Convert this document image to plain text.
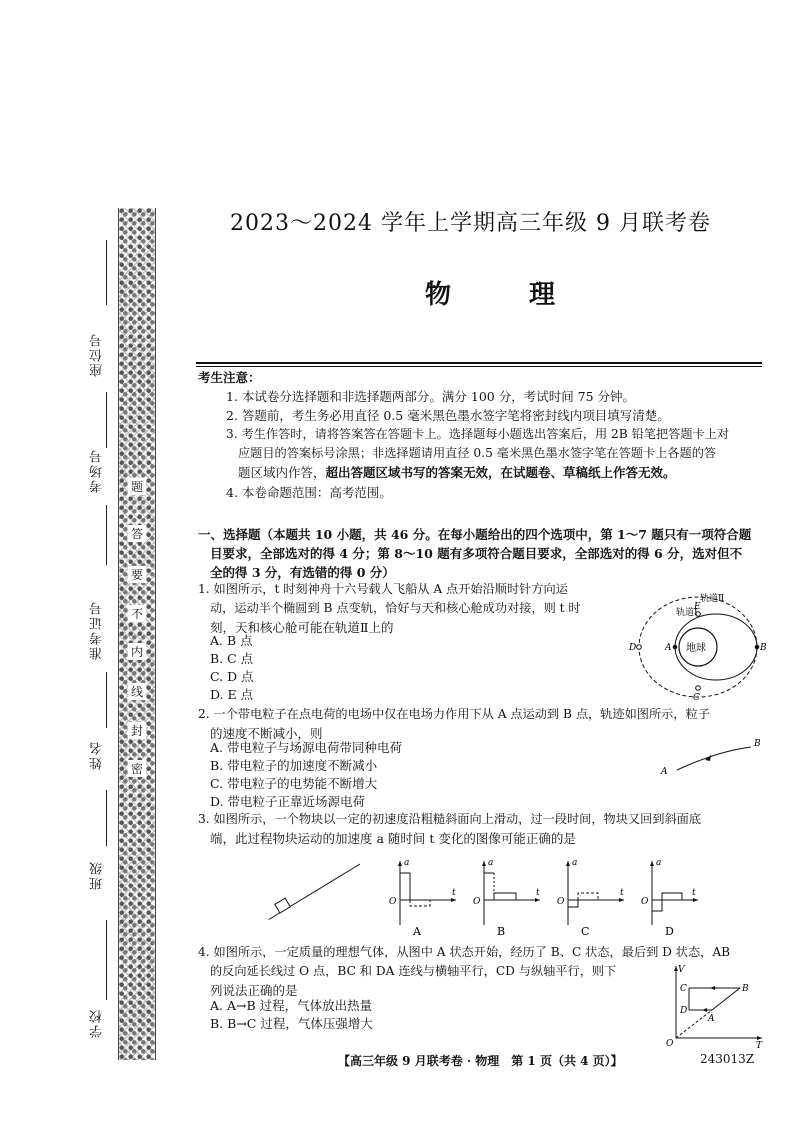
座位号
考场号
准考证号
姓名
班级
学校
题
答
要
不
内
线
封
密
2023～2024 学年上学期高三年级 9 月联考卷
物　理
考生注意：
1. 本试卷分选择题和非选择题两部分。满分 100 分，考试时间 75 分钟。
2. 答题前，考生务必用直径 0.5 毫米黑色墨水签字笔将密封线内项目填写清楚。
3. 考生作答时，请将答案答在答题卡上。选择题每小题选出答案后，用 2B 铅笔把答题卡上对
应题目的答案标号涂黑；非选择题请用直径 0.5 毫米黑色墨水签字笔在答题卡上各题的答
题区域内作答，超出答题区域书写的答案无效，在试题卷、草稿纸上作答无效。
4. 本卷命题范围：高考范围。
一、选择题（本题共 10 小题，共 46 分。在每小题给出的四个选项中，第 1～7 题只有一项符合题
目要求，全部选对的得 4 分；第 8～10 题有多项符合题目要求，全部选对的得 6 分，选对但不
全的得 3 分，有选错的得 0 分）
1. 如图所示，t 时刻神舟十六号载人飞船从 A 点开始沿顺时针方向运
动，运动半个椭圆到 B 点变轨，恰好与天和核心舱成功对接，则 t 时
刻，天和核心舱可能在轨道Ⅱ上的
A. B 点
B. C 点
C. D 点
D. E 点
地球
轨道Ⅱ
轨道Ⅰ
A	B
C
D
E
2. 一个带电粒子在点电荷的电场中仅在电场力作用下从 A 点运动到 B 点，轨迹如图所示，粒子
的速度不断减小，则
A. 带电粒子与场源电荷带同种电荷
B. 带电粒子的加速度不断减小
C. 带电粒子的电势能不断增大
D. 带电粒子正靠近场源电荷
A
B
3. 如图所示，一个物块以一定的初速度沿粗糙斜面向上滑动，过一段时间，物块又回到斜面底
端，此过程物块运动的加速度 a 随时间 t 变化的图像可能正确的是
a
t
O
A
a
t
O
B
a
t
O
C
a
t
O
D
4. 如图所示，一定质量的理想气体，从图中 A 状态开始，经历了 B、C 状态，最后到 D 状态，AB
的反向延长线过 O 点，BC 和 DA 连线与横轴平行，CD 与纵轴平行，则下
列说法正确的是
A. A→B 过程，气体放出热量
B. B→C 过程，气体压强增大
V
T
O
A
B
C
D
【高三年级 9 月联考卷 · 物理　第 1 页（共 4 页）】	243013Z
